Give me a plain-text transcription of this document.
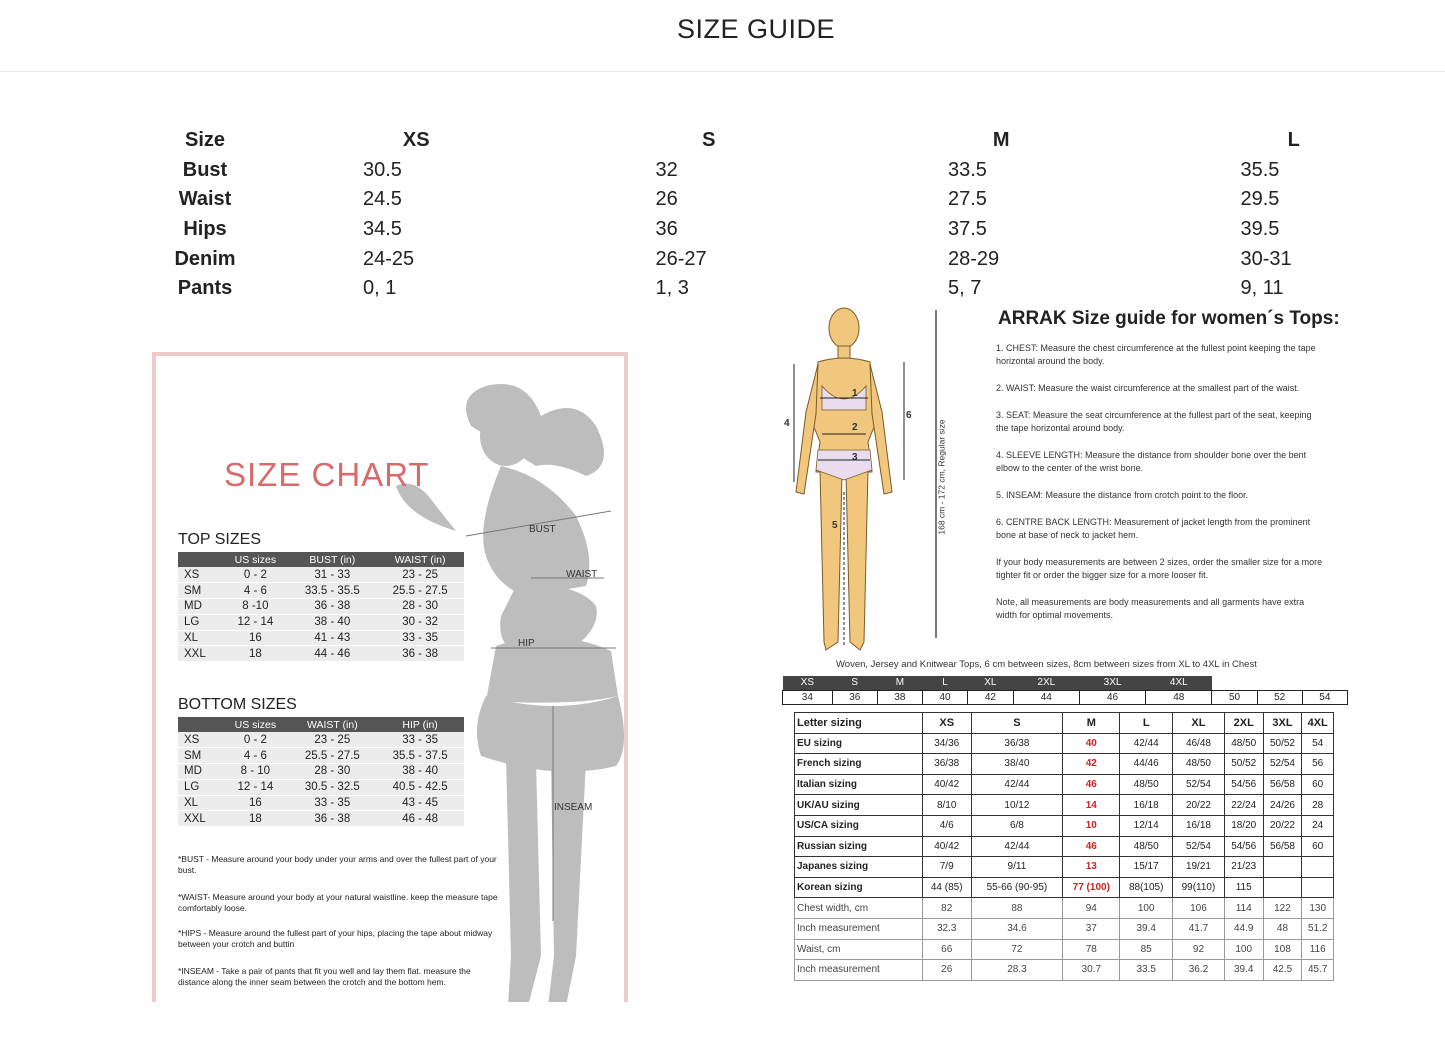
SIZE GUIDE
Size	XS	S	M	L
Bust	30.5	32	33.5	35.5
Waist	24.5	26	27.5	29.5
Hips	34.5	36	37.5	39.5
Denim	24-25	26-27	28-29	30-31
Pants	0, 1	1, 3	5, 7	9, 11
SIZE CHART
BUST
WAIST
HIP
INSEAM
TOP SIZES
	US sizes	BUST (in)	WAIST (in)
XS	0 - 2	31 - 33	23 - 25
SM	4 - 6	33.5 - 35.5	25.5 - 27.5
MD	8 -10	36 - 38	28 - 30
LG	12 - 14	38 - 40	30 - 32
XL	16	41 - 43	33 - 35
XXL	18	44 - 46	36 - 38
BOTTOM SIZES
	US sizes	WAIST (in)	HIP (in)
XS	0 - 2	23 - 25	33 - 35
SM	4 - 6	25.5 - 27.5	35.5 - 37.5
MD	8 - 10	28 - 30	38 - 40
LG	12 - 14	30.5 - 32.5	40.5 - 42.5
XL	16	33 - 35	43 - 45
XXL	18	36 - 38	46 - 48
*BUST - Measure around your body under your arms and over the fullest part of your bust.
*WAIST- Measure around your body at your natural waistline. keep the measure tape comfortably loose.
*HIPS - Measure around the fullest part of your hips, placing the tape about midway between your crotch and buttin
*INSEAM - Take a pair of pants that fit you well and lay them flat. measure the distance along the inner seam between the crotch and the bottom hem.
1
2
3
4
5
6
168 cm - 172 cm, Regular size
ARRAK Size guide for women´s Tops:

1. CHEST: Measure the chest circumference at the fullest point keeping the tape horizontal around the body.

2. WAIST: Measure the waist circumference at the smallest part of the waist.

3. SEAT: Measure the seat circumference at the fullest part of the seat, keeping the tape horizontal around body.

4. SLEEVE LENGTH: Measure the distance from shoulder bone over the bent elbow to the center of the wrist bone.

5. INSEAM: Measure the distance from crotch point to the floor.

6. CENTRE BACK LENGTH: Measurement of jacket length from the prominent bone at base of neck to jacket hem.

If your body measurements are between 2 sizes, order the smaller size for a more tighter fit or order the bigger size for a more looser fit.

Note, all measurements are body measurements and all garments have extra width for optimal movements.

Woven, Jersey and Knitwear Tops, 6 cm between sizes, 8cm between sizes from XL to 4XL in Chest
XS	S	M	L	XL	2XL	3XL	4XL			
34	36	38	40	42	44	46	48	50	52	54
Letter sizing	XS	S	M	L	XL	2XL	3XL	4XL
EU sizing	34/36	36/38	40	42/44	46/48	48/50	50/52	54
French sizing	36/38	38/40	42	44/46	48/50	50/52	52/54	56
Italian sizing	40/42	42/44	46	48/50	52/54	54/56	56/58	60
UK/AU sizing	8/10	10/12	14	16/18	20/22	22/24	24/26	28
US/CA sizing	4/6	6/8	10	12/14	16/18	18/20	20/22	24
Russian sizing	40/42	42/44	46	48/50	52/54	54/56	56/58	60
Japanes sizing	7/9	9/11	13	15/17	19/21	21/23		
Korean sizing	44 (85)	55-66 (90-95)	77 (100)	88(105)	99(110)	115		
Chest width, cm	82	88	94	100	106	114	122	130
Inch measurement	32.3	34.6	37	39.4	41.7	44.9	48	51.2
Waist, cm	66	72	78	85	92	100	108	116
Inch measurement	26	28.3	30.7	33.5	36.2	39.4	42.5	45.7
